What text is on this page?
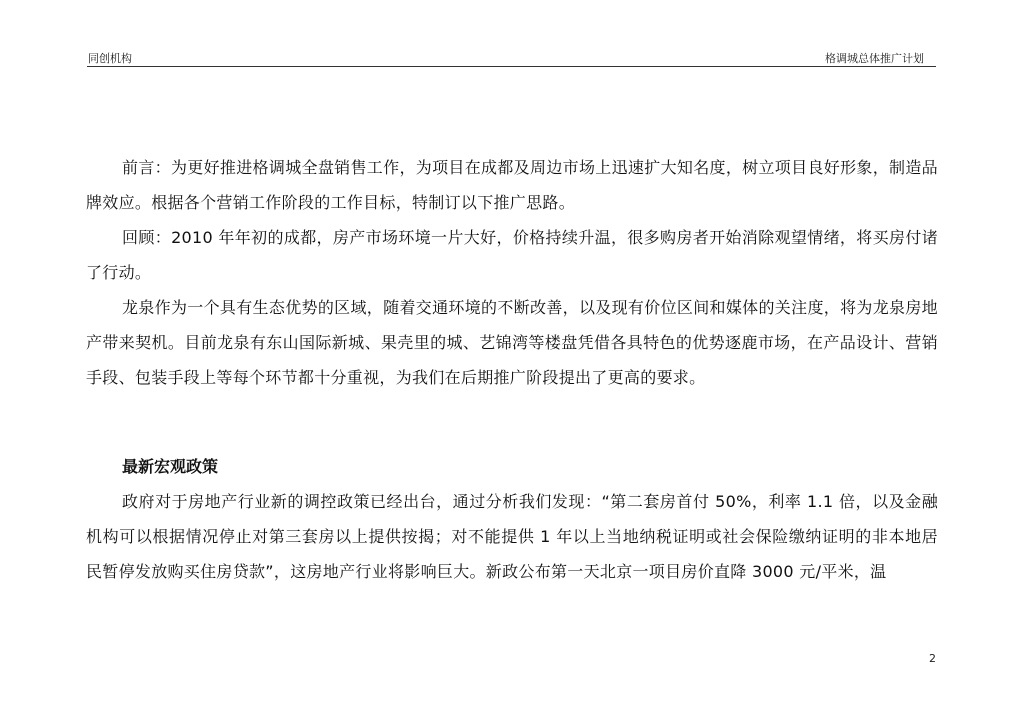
同创机构	格调城总体推广计划

前言：为更好推进格调城全盘销售工作，为项目在成都及周边市场上迅速扩大知名度，树立项目良好形象，制造品牌效应。根据各个营销工作阶段的工作目标，特制订以下推广思路。

回顾：2010 年年初的成都，房产市场环境一片大好，价格持续升温，很多购房者开始消除观望情绪，将买房付诸了行动。

龙泉作为一个具有生态优势的区域，随着交通环境的不断改善，以及现有价位区间和媒体的关注度，将为龙泉房地产带来契机。目前龙泉有东山国际新城、果壳里的城、艺锦湾等楼盘凭借各具特色的优势逐鹿市场，在产品设计、营销手段、包装手段上等每个环节都十分重视，为我们在后期推广阶段提出了更高的要求。

最新宏观政策

政府对于房地产行业新的调控政策已经出台，通过分析我们发现：“第二套房首付 50%，利率 1.1 倍，以及金融机构可以根据情况停止对第三套房以上提供按揭；对不能提供 1 年以上当地纳税证明或社会保险缴纳证明的非本地居民暂停发放购买住房贷款”，这房地产行业将影响巨大。新政公布第一天北京一项目房价直降 3000 元/平米，温

2
